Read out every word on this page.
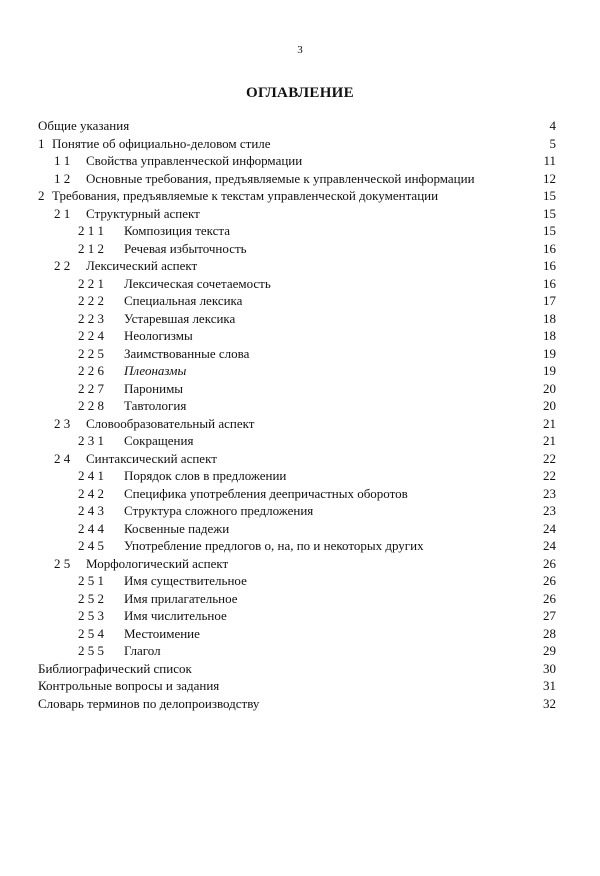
3
ОГЛАВЛЕНИЕ
Общие указания	4
1 Понятие об официально-деловом стиле	5
1 1	Свойства управленческой информации	11
1 2	Основные требования, предъявляемые к управленческой информации	12
2 Требования, предъявляемые к текстам управленческой документации	15
2 1	Структурный аспект	15
2 1 1	Композиция текста	15
2 1 2	Речевая избыточность	16
2 2	Лексический аспект	16
2 2 1	Лексическая сочетаемость	16
2 2 2	Специальная лексика	17
2 2 3	Устаревшая лексика	18
2 2 4	Неологизмы	18
2 2 5	Заимствованные слова	19
2 2 6	Плеоназмы	19
2 2 7	Паронимы	20
2 2 8	Тавтология	20
2 3	Словообразовательный аспект	21
2 3 1	Сокращения	21
2 4	Синтаксический аспект	22
2 4 1	Порядок слов в предложении	22
2 4 2	Специфика употребления деепричастных оборотов	23
2 4 3	Структура сложного предложения	23
2 4 4	Косвенные падежи	24
2 4 5	Употребление предлогов о, на, по и некоторых других	24
2 5	Морфологический аспект	26
2 5 1	Имя существительное	26
2 5 2	Имя прилагательное	26
2 5 3	Имя числительное	27
2 5 4	Местоимение	28
2 5 5	Глагол	29
Библиографический список	30
Контрольные вопросы и задания	31
Словарь терминов по делопроизводству	32
